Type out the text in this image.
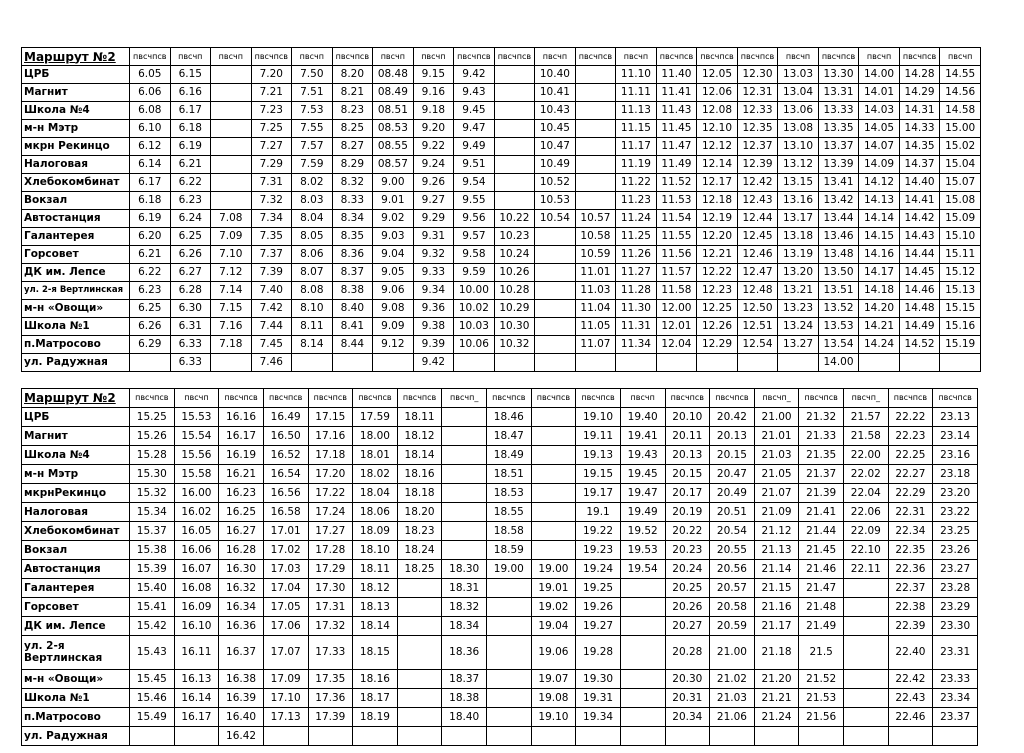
Маршрут №2	пвсчпсв	пвсчп	пвсчп	пвсчпсв	пвсчп	пвсчпсв	пвсчп	пвсчп	пвсчпсв	пвсчпсв	пвсчп	пвсчпсв	пвсчп	пвсчпсв	пвсчпсв	пвсчпсв	пвсчп	пвсчпсв	пвсчп	пвсчпсв	пвсчп
ЦРБ	6.05	6.15		7.20	7.50	8.20	08.48	9.15	9.42		10.40		11.10	11.40	12.05	12.30	13.03	13.30	14.00	14.28	14.55
Магнит	6.06	6.16		7.21	7.51	8.21	08.49	9.16	9.43		10.41		11.11	11.41	12.06	12.31	13.04	13.31	14.01	14.29	14.56
Школа №4	6.08	6.17		7.23	7.53	8.23	08.51	9.18	9.45		10.43		11.13	11.43	12.08	12.33	13.06	13.33	14.03	14.31	14.58
м-н Мэтр	6.10	6.18		7.25	7.55	8.25	08.53	9.20	9.47		10.45		11.15	11.45	12.10	12.35	13.08	13.35	14.05	14.33	15.00
мкрн Рекинцо	6.12	6.19		7.27	7.57	8.27	08.55	9.22	9.49		10.47		11.17	11.47	12.12	12.37	13.10	13.37	14.07	14.35	15.02
Налоговая	6.14	6.21		7.29	7.59	8.29	08.57	9.24	9.51		10.49		11.19	11.49	12.14	12.39	13.12	13.39	14.09	14.37	15.04
Хлебокомбинат	6.17	6.22		7.31	8.02	8.32	9.00	9.26	9.54		10.52		11.22	11.52	12.17	12.42	13.15	13.41	14.12	14.40	15.07
Вокзал	6.18	6.23		7.32	8.03	8.33	9.01	9.27	9.55		10.53		11.23	11.53	12.18	12.43	13.16	13.42	14.13	14.41	15.08
Автостанция	6.19	6.24	7.08	7.34	8.04	8.34	9.02	9.29	9.56	10.22	10.54	10.57	11.24	11.54	12.19	12.44	13.17	13.44	14.14	14.42	15.09
Галантерея	6.20	6.25	7.09	7.35	8.05	8.35	9.03	9.31	9.57	10.23		10.58	11.25	11.55	12.20	12.45	13.18	13.46	14.15	14.43	15.10
Горсовет	6.21	6.26	7.10	7.37	8.06	8.36	9.04	9.32	9.58	10.24		10.59	11.26	11.56	12.21	12.46	13.19	13.48	14.16	14.44	15.11
ДК им. Лепсе	6.22	6.27	7.12	7.39	8.07	8.37	9.05	9.33	9.59	10.26		11.01	11.27	11.57	12.22	12.47	13.20	13.50	14.17	14.45	15.12
ул. 2-я Вертлинская	6.23	6.28	7.14	7.40	8.08	8.38	9.06	9.34	10.00	10.28		11.03	11.28	11.58	12.23	12.48	13.21	13.51	14.18	14.46	15.13
м-н «Овощи»	6.25	6.30	7.15	7.42	8.10	8.40	9.08	9.36	10.02	10.29		11.04	11.30	12.00	12.25	12.50	13.23	13.52	14.20	14.48	15.15
Школа №1	6.26	6.31	7.16	7.44	8.11	8.41	9.09	9.38	10.03	10.30		11.05	11.31	12.01	12.26	12.51	13.24	13.53	14.21	14.49	15.16
п.Матросово	6.29	6.33	7.18	7.45	8.14	8.44	9.12	9.39	10.06	10.32		11.07	11.34	12.04	12.29	12.54	13.27	13.54	14.24	14.52	15.19
ул. Радужная		6.33		7.46				9.42										14.00			
Маршрут №2	пвсчпсв	пвсчп	пвсчпсв	пвсчпсв	пвсчпсв	пвсчпсв	пвсчпсв	пвсчп_	пвсчпсв	пвсчпсв	пвсчпсв	пвсчп	пвсчпсв	пвсчпсв	пвсчп_	пвсчпсв	пвсчп_	пвсчпсв	пвсчпсв
ЦРБ	15.25	15.53	16.16	16.49	17.15	17.59	18.11		18.46		19.10	19.40	20.10	20.42	21.00	21.32	21.57	22.22	23.13
Магнит	15.26	15.54	16.17	16.50	17.16	18.00	18.12		18.47		19.11	19.41	20.11	20.13	21.01	21.33	21.58	22.23	23.14
Школа №4	15.28	15.56	16.19	16.52	17.18	18.01	18.14		18.49		19.13	19.43	20.13	20.15	21.03	21.35	22.00	22.25	23.16
м-н Мэтр	15.30	15.58	16.21	16.54	17.20	18.02	18.16		18.51		19.15	19.45	20.15	20.47	21.05	21.37	22.02	22.27	23.18
мкрнРекинцо	15.32	16.00	16.23	16.56	17.22	18.04	18.18		18.53		19.17	19.47	20.17	20.49	21.07	21.39	22.04	22.29	23.20
Налоговая	15.34	16.02	16.25	16.58	17.24	18.06	18.20		18.55		19.1	19.49	20.19	20.51	21.09	21.41	22.06	22.31	23.22
Хлебокомбинат	15.37	16.05	16.27	17.01	17.27	18.09	18.23		18.58		19.22	19.52	20.22	20.54	21.12	21.44	22.09	22.34	23.25
Вокзал	15.38	16.06	16.28	17.02	17.28	18.10	18.24		18.59		19.23	19.53	20.23	20.55	21.13	21.45	22.10	22.35	23.26
Автостанция	15.39	16.07	16.30	17.03	17.29	18.11	18.25	18.30	19.00	19.00	19.24	19.54	20.24	20.56	21.14	21.46	22.11	22.36	23.27
Галантерея	15.40	16.08	16.32	17.04	17.30	18.12		18.31		19.01	19.25		20.25	20.57	21.15	21.47		22.37	23.28
Горсовет	15.41	16.09	16.34	17.05	17.31	18.13		18.32		19.02	19.26		20.26	20.58	21.16	21.48		22.38	23.29
ДК им. Лепсе	15.42	16.10	16.36	17.06	17.32	18.14		18.34		19.04	19.27		20.27	20.59	21.17	21.49		22.39	23.30
ул. 2-я Вертлинская	15.43	16.11	16.37	17.07	17.33	18.15		18.36		19.06	19.28		20.28	21.00	21.18	21.5		22.40	23.31
м-н «Овощи»	15.45	16.13	16.38	17.09	17.35	18.16		18.37		19.07	19.30		20.30	21.02	21.20	21.52		22.42	23.33
Школа №1	15.46	16.14	16.39	17.10	17.36	18.17		18.38		19.08	19.31		20.31	21.03	21.21	21.53		22.43	23.34
п.Матросово	15.49	16.17	16.40	17.13	17.39	18.19		18.40		19.10	19.34		20.34	21.06	21.24	21.56		22.46	23.37
ул. Радужная			16.42																
